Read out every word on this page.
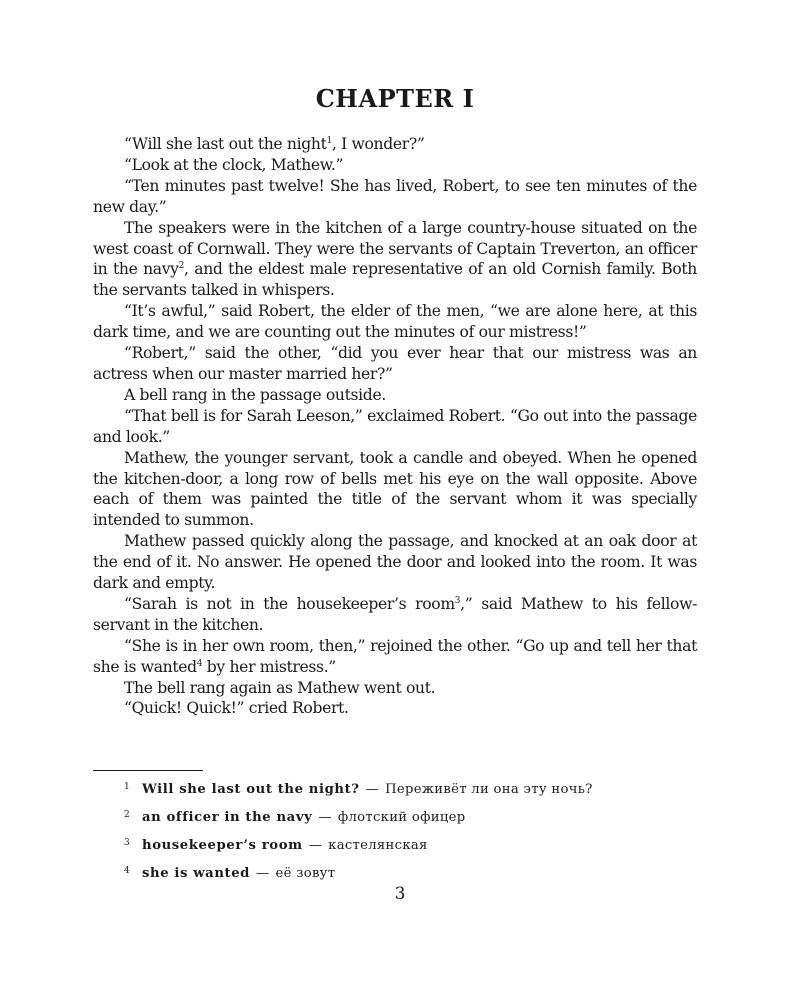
CHAPTER I

“Will she last out the night$^1$, I wonder?”

“Look at the clock, Mathew.”

“Ten minutes past twelve! She has lived, Robert, to see ten minutes of the new day.”

The speakers were in the kitchen of a large country-house situated on the west coast of Cornwall. They were the servants of Captain Treverton, an officer in the navy$^2$, and the eldest male representative of an old Cornish family. Both the servants talked in whispers.

“It’s awful,” said Robert, the elder of the men, “we are alone here, at this dark time, and we are counting out the minutes of our mistress!”

“Robert,” said the other, “did you ever hear that our mistress was an actress when our master married her?”

A bell rang in the passage outside.

“That bell is for Sarah Leeson,” exclaimed Robert. “Go out into the passage and look.”

Mathew, the younger servant, took a candle and obeyed. When he opened the kitchen-door, a long row of bells met his eye on the wall opposite. Above each of them was painted the title of the servant whom it was specially intended to summon.

Mathew passed quickly along the passage, and knocked at an oak door at the end of it. No answer. He opened the door and looked into the room. It was dark and empty.

“Sarah is not in the housekeeper’s room$^3$,” said Mathew to his fellow-servant in the kitchen.

“She is in her own room, then,” rejoined the other. “Go up and tell her that she is wanted$^4$ by her mistress.”

The bell rang again as Mathew went out.

“Quick! Quick!” cried Robert.

1 Will she last out the night? — Переживёт ли она эту ночь?
2 an officer in the navy — флотский офицер
3 housekeeper’s room — кастелянская
4 she is wanted — её зовут
3
